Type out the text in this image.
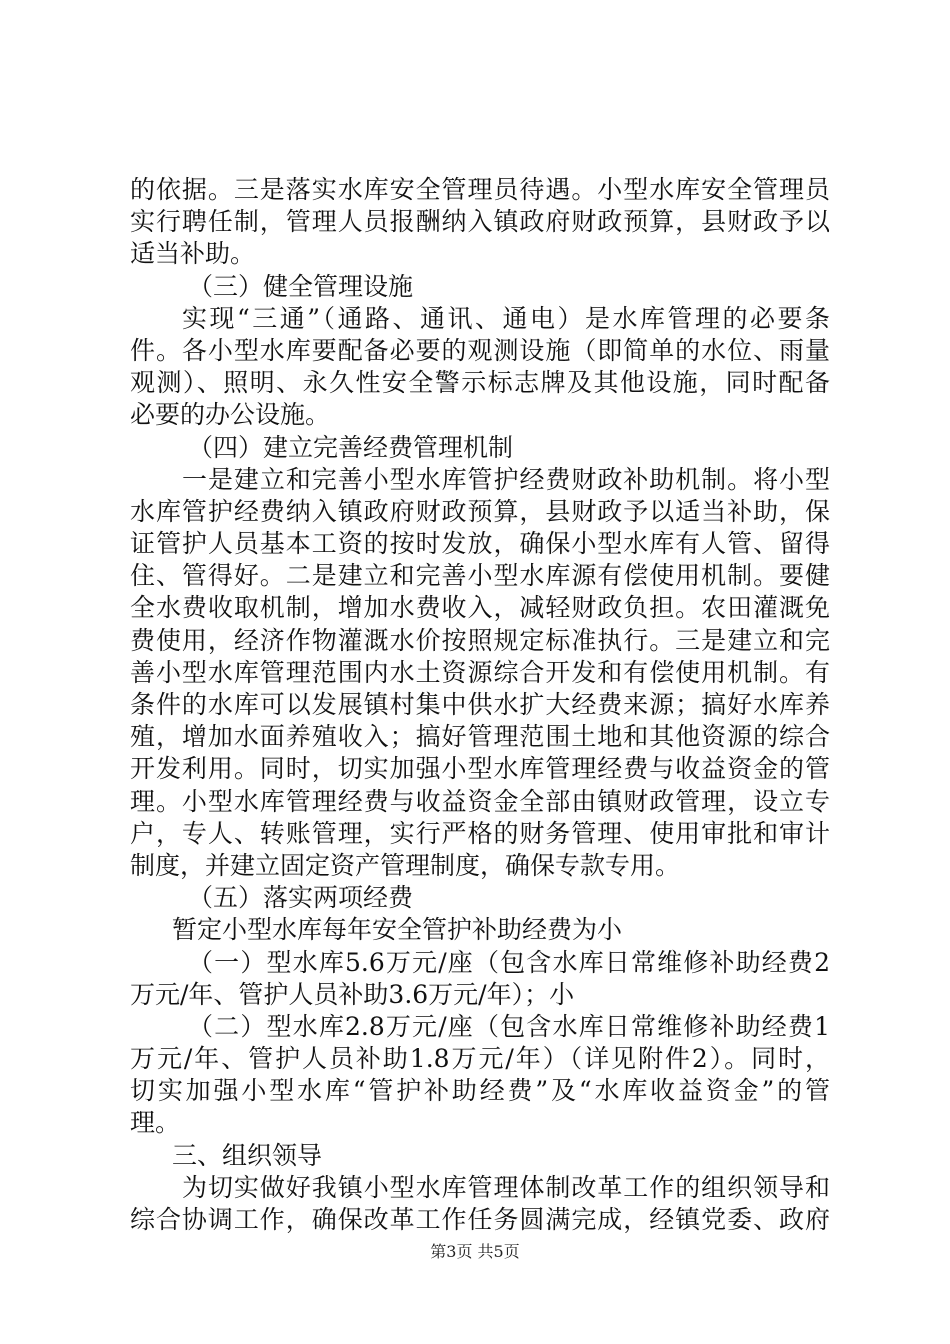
的依据。三是落实水库安全管理员待遇。小型水库安全管理员
实行聘任制，管理人员报酬纳入镇政府财政预算，县财政予以
适当补助。
（三）健全管理设施
实现“三通”（通路、通讯、通电）是水库管理的必要条
件。各小型水库要配备必要的观测设施（即简单的水位、雨量
观测）、照明、永久性安全警示标志牌及其他设施，同时配备
必要的办公设施。
（四）建立完善经费管理机制
一是建立和完善小型水库管护经费财政补助机制。将小型
水库管护经费纳入镇政府财政预算，县财政予以适当补助，保
证管护人员基本工资的按时发放，确保小型水库有人管、留得
住、管得好。二是建立和完善小型水库源有偿使用机制。要健
全水费收取机制，增加水费收入，减轻财政负担。农田灌溉免
费使用，经济作物灌溉水价按照规定标准执行。三是建立和完
善小型水库管理范围内水土资源综合开发和有偿使用机制。有
条件的水库可以发展镇村集中供水扩大经费来源；搞好水库养
殖，增加水面养殖收入；搞好管理范围土地和其他资源的综合
开发利用。同时，切实加强小型水库管理经费与收益资金的管
理。小型水库管理经费与收益资金全部由镇财政管理，设立专
户，专人、转账管理，实行严格的财务管理、使用审批和审计
制度，并建立固定资产管理制度，确保专款专用。
（五）落实两项经费
暂定小型水库每年安全管护补助经费为小
（一）型水库5.6万元/座（包含水库日常维修补助经费2
万元/年、管护人员补助3.6万元/年）；小
（二）型水库2.8万元/座（包含水库日常维修补助经费1
万元/年、管护人员补助1.8万元/年）（详见附件2）。同时，
切实加强小型水库“管护补助经费”及“水库收益资金”的管
理。
三、组织领导
为切实做好我镇小型水库管理体制改革工作的组织领导和
综合协调工作，确保改革工作任务圆满完成，经镇党委、政府
第3页 共5页
